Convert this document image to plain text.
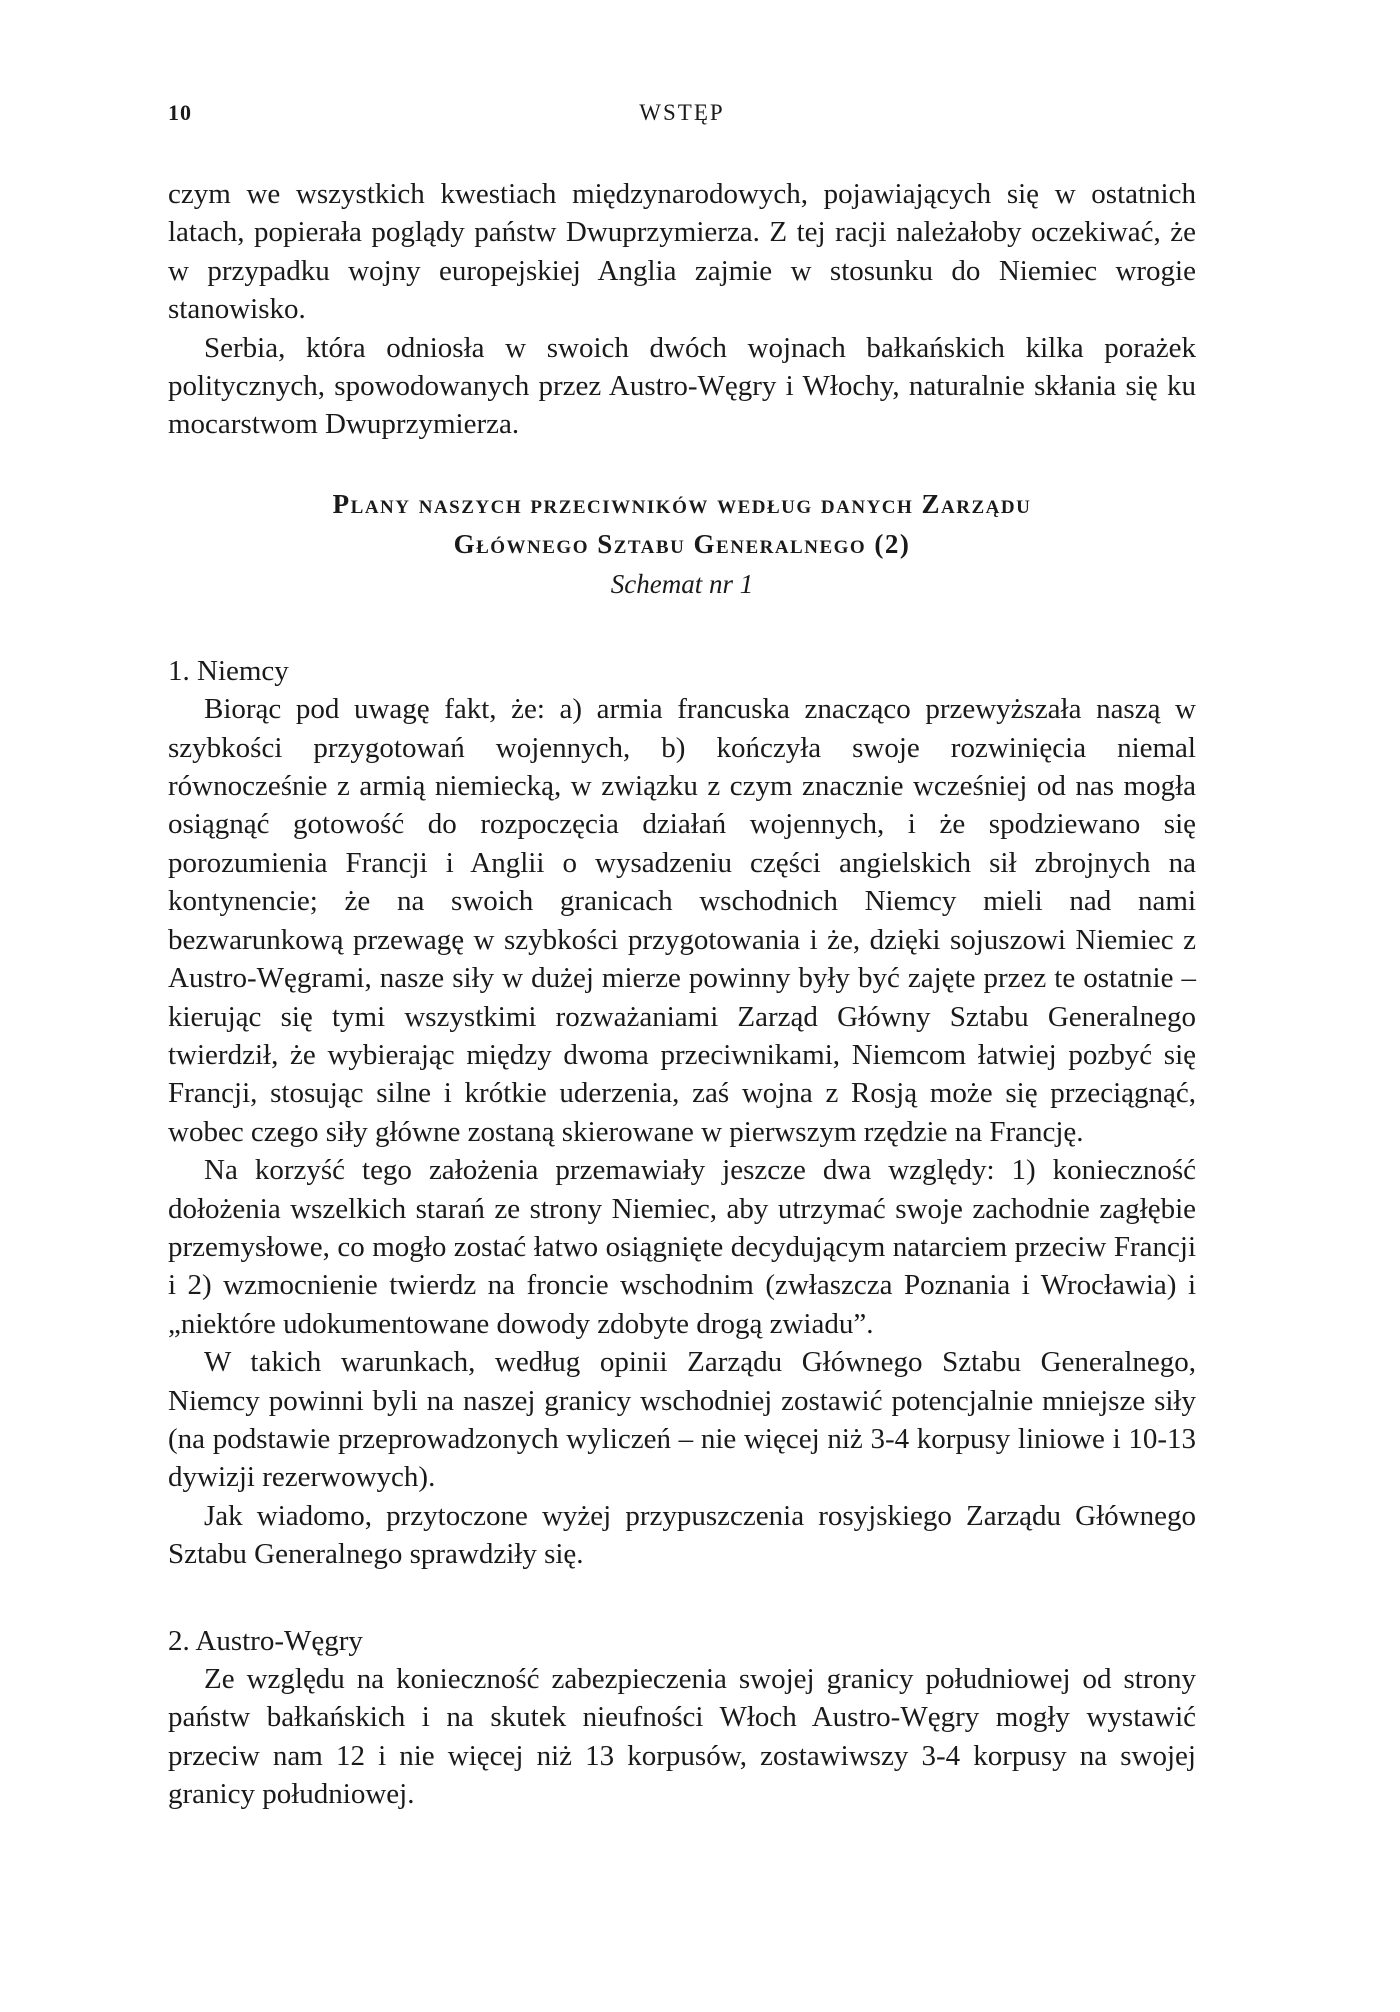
10	WSTĘP

czym we wszystkich kwestiach międzynarodowych, pojawiających się w ostatnich latach, popierała poglądy państw Dwuprzymierza. Z tej racji należałoby oczekiwać, że w przypadku wojny europejskiej Anglia zajmie w stosunku do Niemiec wrogie stanowisko.

Serbia, która odniosła w swoich dwóch wojnach bałkańskich kilka porażek politycznych, spowodowanych przez Austro-Węgry i Włochy, naturalnie skłania się ku mocarstwom Dwuprzymierza.

Plany naszych przeciwników według danych Zarządu
Głównego Sztabu Generalnego (2)
Schemat nr 1
1. Niemcy

Biorąc pod uwagę fakt, że: a) armia francuska znacząco przewyższała naszą w szybkości przygotowań wojennych, b) kończyła swoje rozwinięcia niemal równocześnie z armią niemiecką, w związku z czym znacznie wcześniej od nas mogła osiągnąć gotowość do rozpoczęcia działań wojennych, i że spodziewano się porozumienia Francji i Anglii o wysadzeniu części angielskich sił zbrojnych na kontynencie; że na swoich granicach wschodnich Niemcy mieli nad nami bezwarunkową przewagę w szybkości przygotowania i że, dzięki sojuszowi Niemiec z Austro-Węgrami, nasze siły w dużej mierze powinny były być zajęte przez te ostatnie – kierując się tymi wszystkimi rozważaniami Zarząd Główny Sztabu Generalnego twierdził, że wybierając między dwoma przeciwnikami, Niemcom łatwiej pozbyć się Francji, stosując silne i krótkie uderzenia, zaś wojna z Rosją może się przeciągnąć, wobec czego siły główne zostaną skierowane w pierwszym rzędzie na Francję.

Na korzyść tego założenia przemawiały jeszcze dwa względy: 1) konieczność dołożenia wszelkich starań ze strony Niemiec, aby utrzymać swoje zachodnie zagłębie przemysłowe, co mogło zostać łatwo osiągnięte decydującym natarciem przeciw Francji i 2) wzmocnienie twierdz na froncie wschodnim (zwłaszcza Poznania i Wrocławia) i „niektóre udokumentowane dowody zdobyte drogą zwiadu”.

W takich warunkach, według opinii Zarządu Głównego Sztabu Generalnego, Niemcy powinni byli na naszej granicy wschodniej zostawić potencjalnie mniejsze siły (na podstawie przeprowadzonych wyliczeń – nie więcej niż 3-4 korpusy liniowe i 10-13 dywizji rezerwowych).

Jak wiadomo, przytoczone wyżej przypuszczenia rosyjskiego Zarządu Głównego Sztabu Generalnego sprawdziły się.

2. Austro-Węgry

Ze względu na konieczność zabezpieczenia swojej granicy południowej od strony państw bałkańskich i na skutek nieufności Włoch Austro-Węgry mogły wystawić przeciw nam 12 i nie więcej niż 13 korpusów, zostawiwszy 3-4 korpusy na swojej granicy południowej.
